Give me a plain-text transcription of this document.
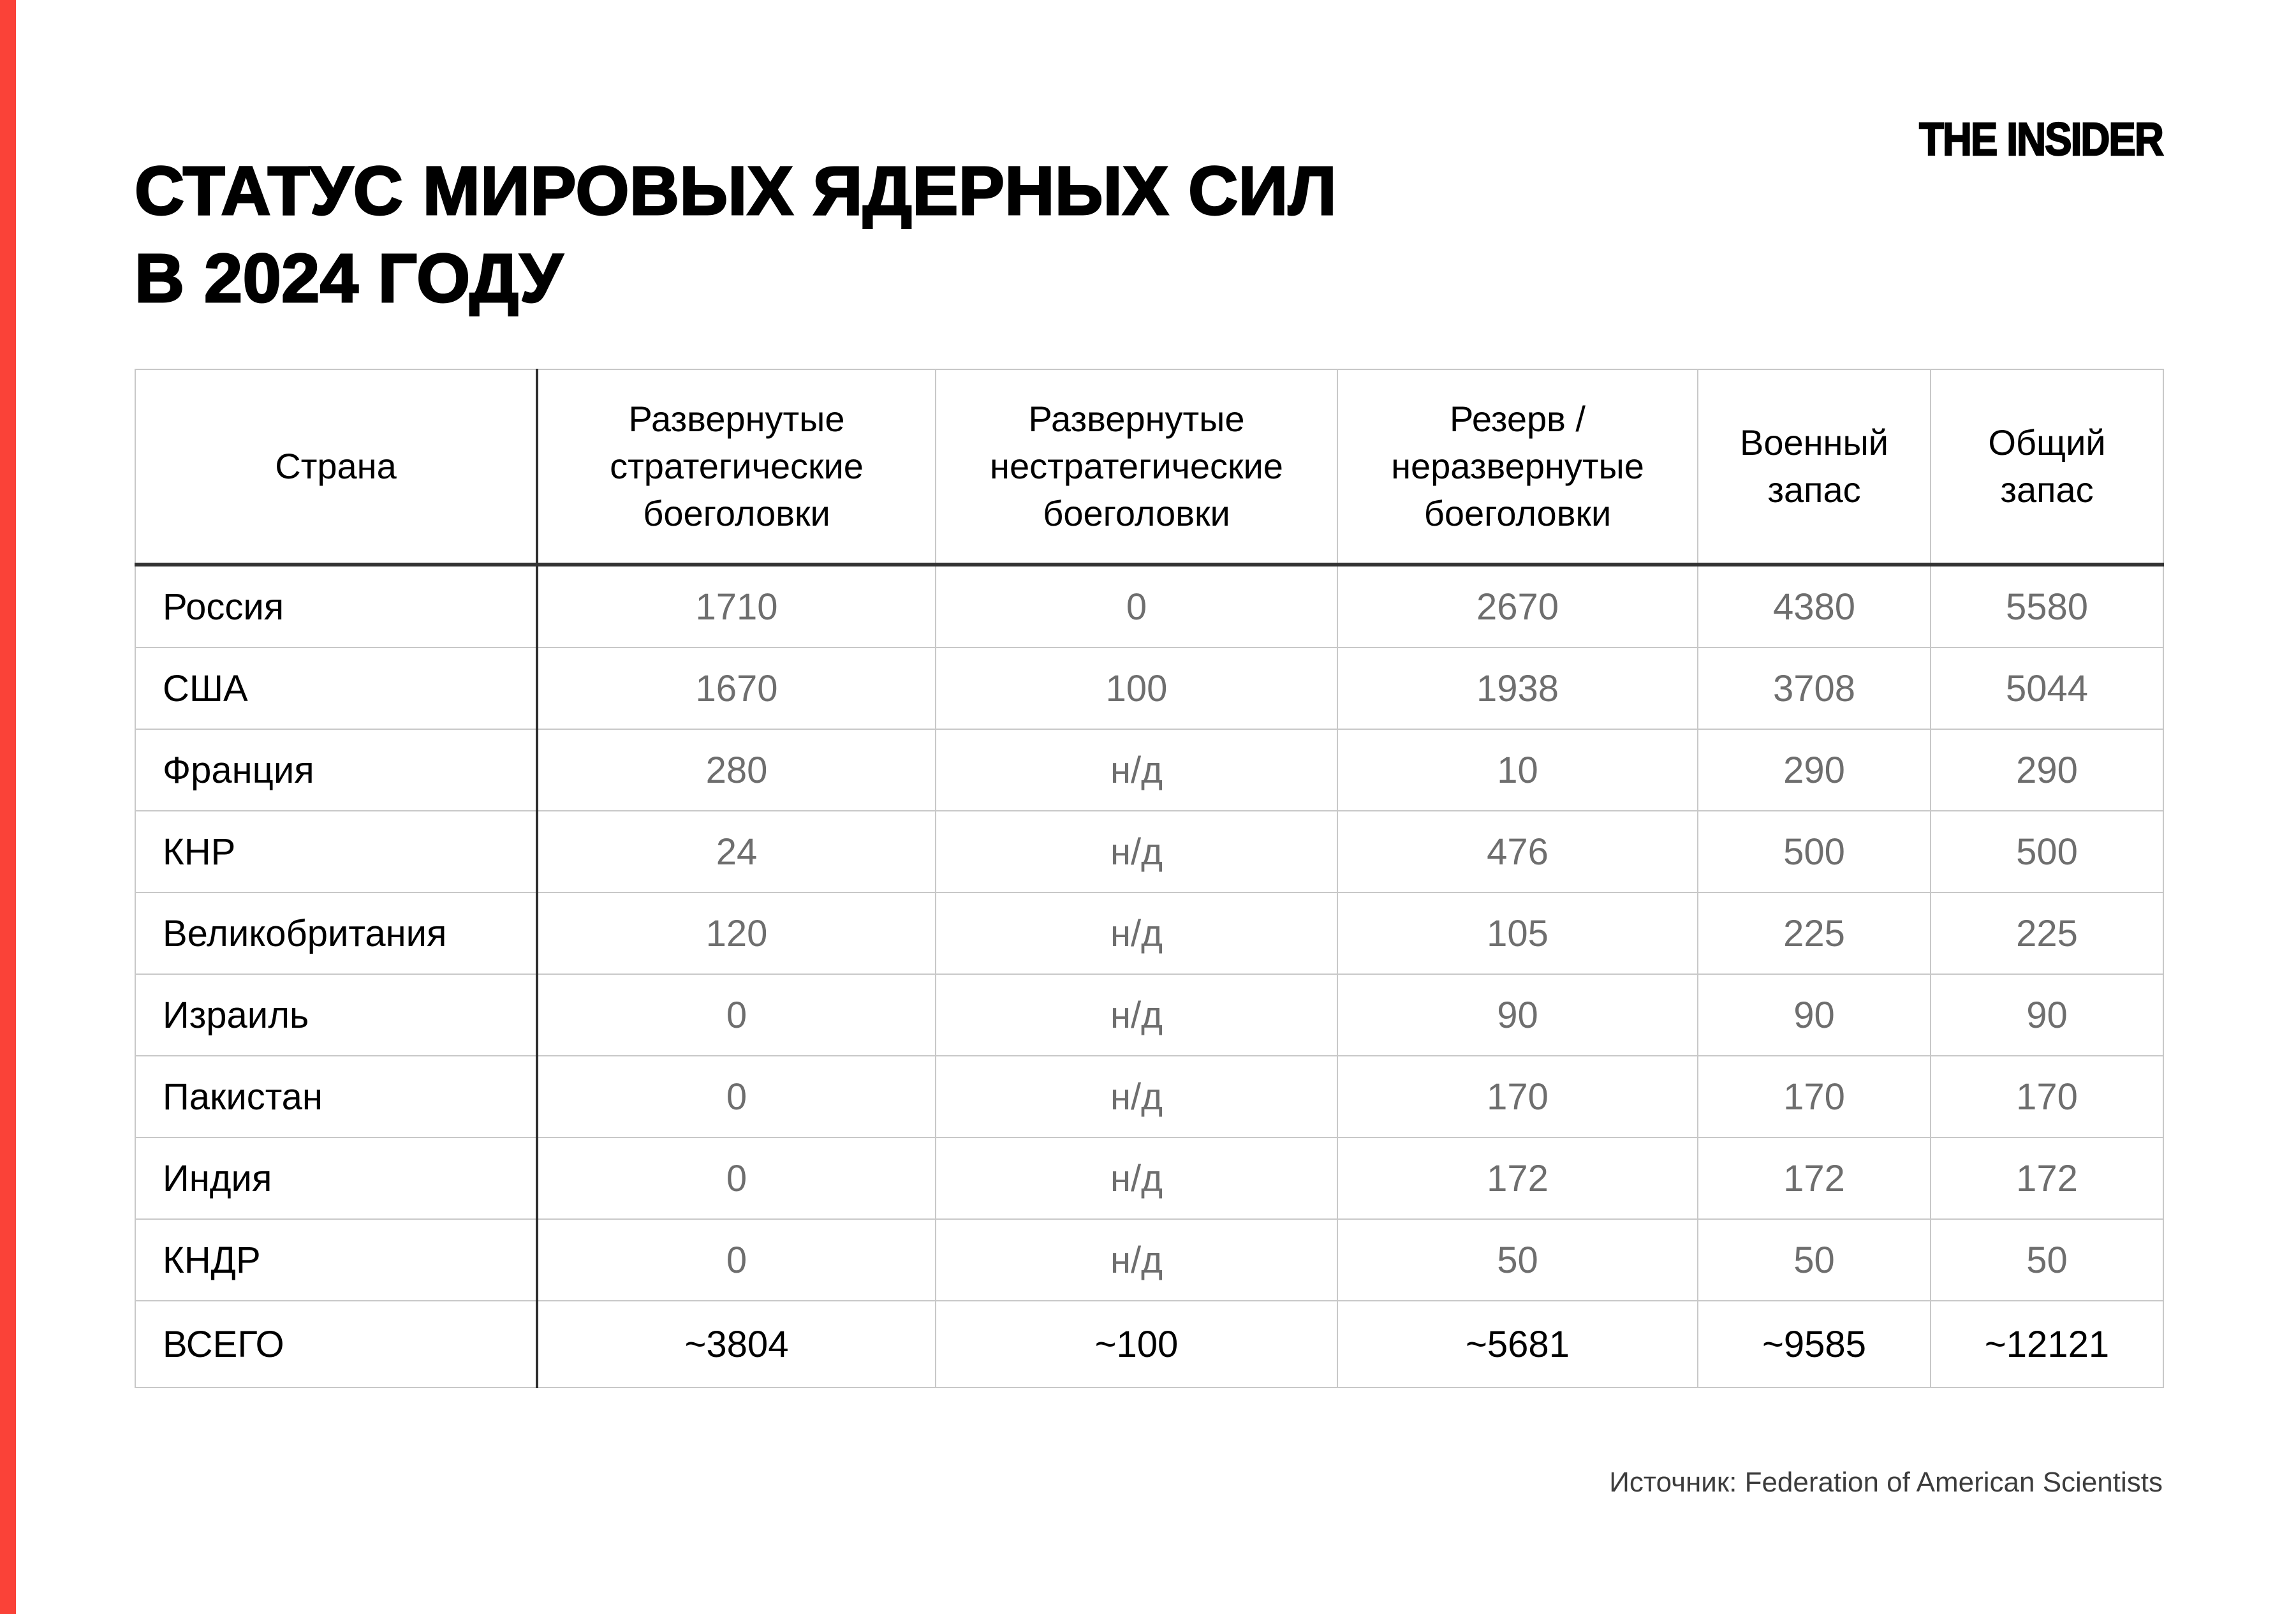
СТАТУС МИРОВЫХ ЯДЕРНЫХ СИЛ
В 2024 ГОДУ
THE INSIDER
Страна	Развернутые стратегические боеголовки	Развернутые нестратегические боеголовки	Резерв / неразвернутые боеголовки	Военный запас	Общий запас
Россия	1710	0	2670	4380	5580
США	1670	100	1938	3708	5044
Франция	280	н/д	10	290	290
КНР	24	н/д	476	500	500
Великобритания	120	н/д	105	225	225
Израиль	0	н/д	90	90	90
Пакистан	0	н/д	170	170	170
Индия	0	н/д	172	172	172
КНДР	0	н/д	50	50	50
ВСЕГО	~3804	~100	~5681	~9585	~12121
Источник: Federation of American Scientists
